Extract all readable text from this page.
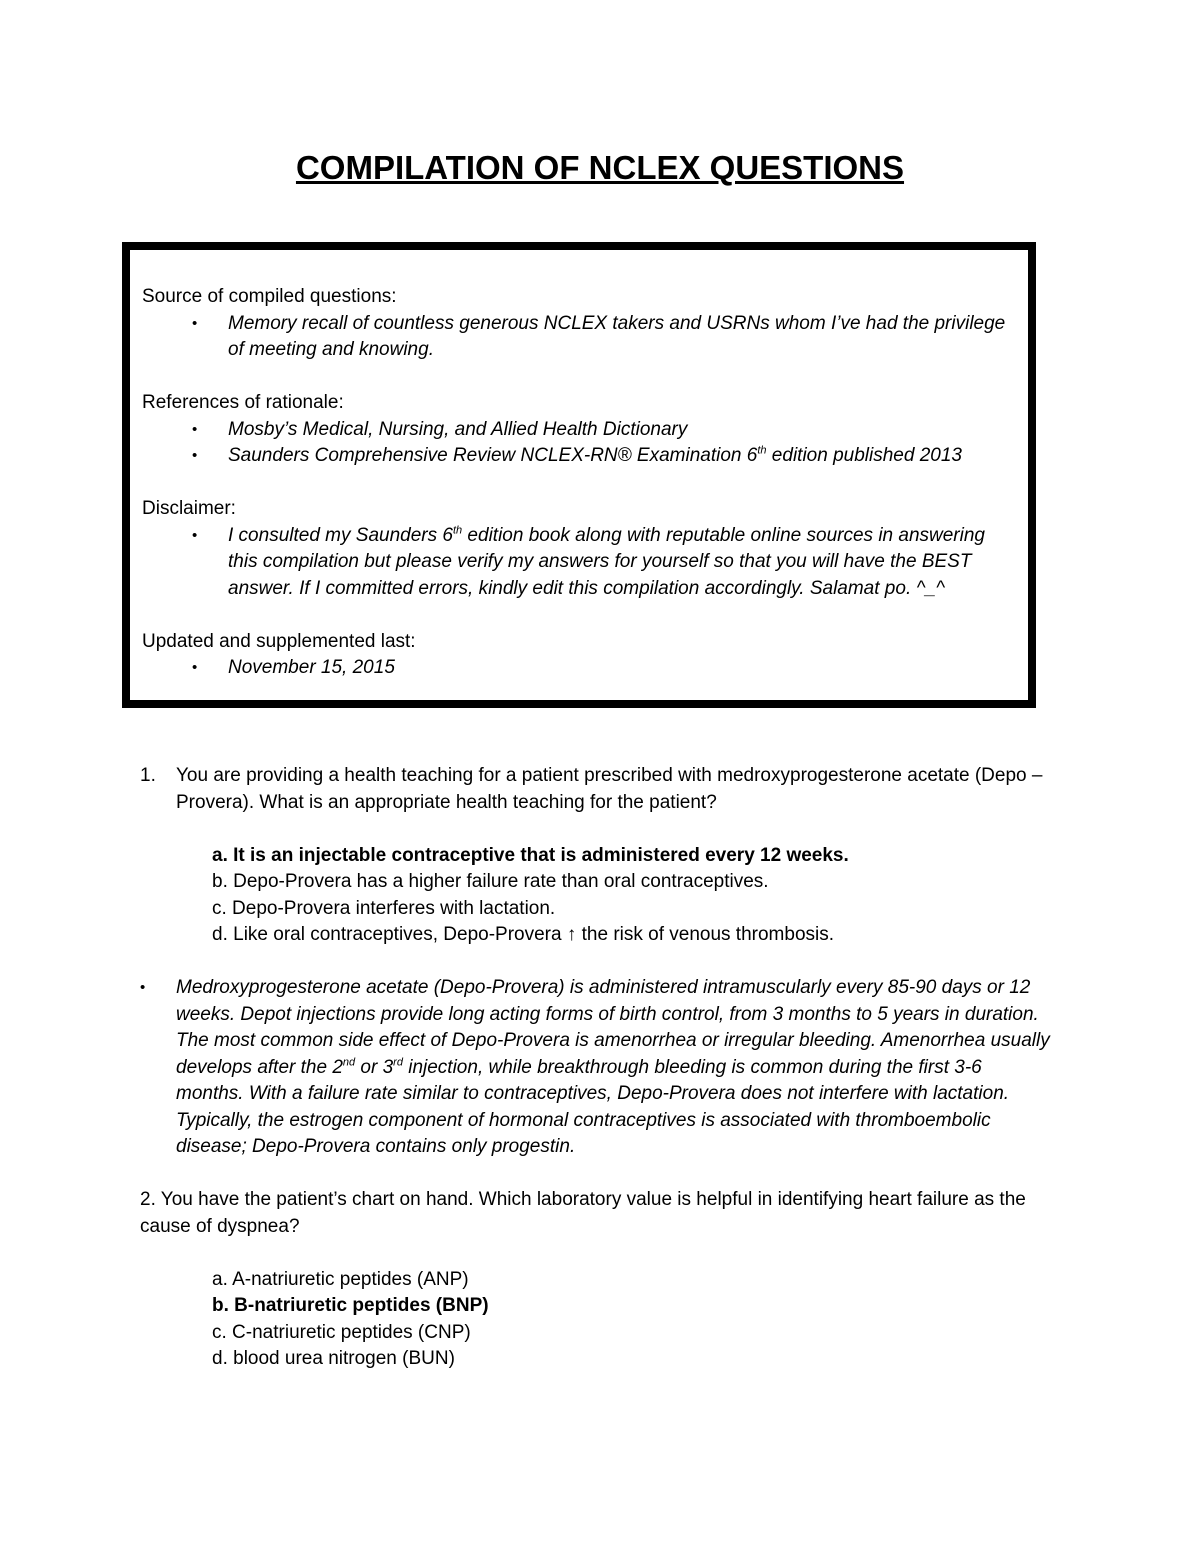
COMPILATION OF NCLEX QUESTIONS

Source of compiled questions:

• Memory recall of countless generous NCLEX takers and USRNs whom I’ve had the privilege of meeting and knowing.

References of rationale:

• Mosby’s Medical, Nursing, and Allied Health Dictionary
• Saunders Comprehensive Review NCLEX-RN® Examination 6th edition published 2013

Disclaimer:

• I consulted my Saunders 6th edition book along with reputable online sources in answering this compilation but please verify my answers for yourself so that you will have the BEST answer. If I committed errors, kindly edit this compilation accordingly. Salamat po. ^_^

Updated and supplemented last:

• November 15, 2015
1. You are providing a health teaching for a patient prescribed with medroxyprogesterone acetate (Depo – Provera). What is an appropriate health teaching for the patient?
a. It is an injectable contraceptive that is administered every 12 weeks.
b. Depo-Provera has a higher failure rate than oral contraceptives.
c. Depo-Provera interferes with lactation.
d. Like oral contraceptives, Depo-Provera ↑ the risk of venous thrombosis.
• Medroxyprogesterone acetate (Depo-Provera) is administered intramuscularly every 85-90 days or 12 weeks. Depot injections provide long acting forms of birth control, from 3 months to 5 years in duration. The most common side effect of Depo-Provera is amenorrhea or irregular bleeding. Amenorrhea usually develops after the 2nd or 3rd injection, while breakthrough bleeding is common during the first 3-6 months. With a failure rate similar to contraceptives, Depo-Provera does not interfere with lactation. Typically, the estrogen component of hormonal contraceptives is associated with thromboembolic disease; Depo-Provera contains only progestin.
2. You have the patient’s chart on hand. Which laboratory value is helpful in identifying heart failure as the cause of dyspnea?
a. A-natriuretic peptides (ANP)
b. B-natriuretic peptides (BNP)
c. C-natriuretic peptides (CNP)
d. blood urea nitrogen (BUN)
